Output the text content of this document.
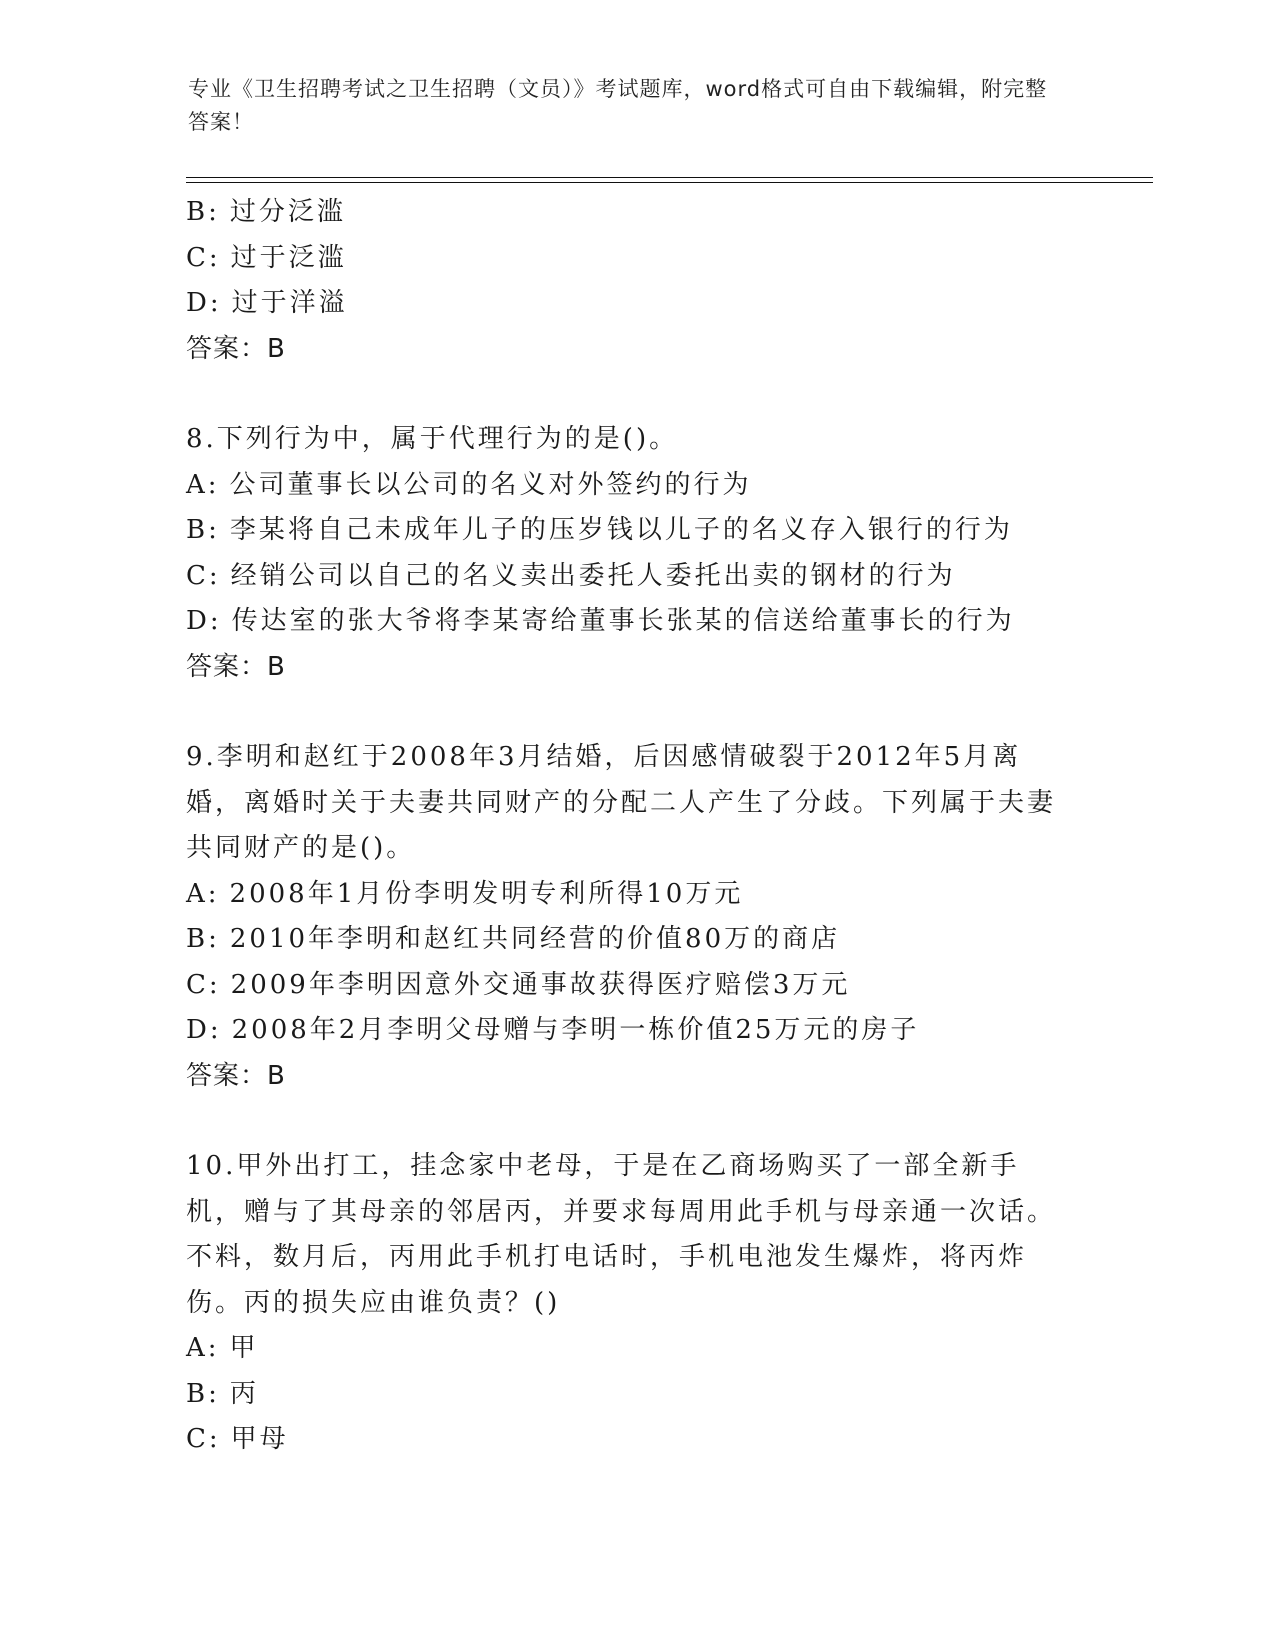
专业《卫生招聘考试之卫生招聘（文员）》考试题库，word格式可自由下载编辑，附完整答案！
B: 过分泛滥
C: 过于泛滥
D: 过于洋溢
答案：B
8.下列行为中，属于代理行为的是()。
A: 公司董事长以公司的名义对外签约的行为
B: 李某将自己未成年儿子的压岁钱以儿子的名义存入银行的行为
C: 经销公司以自己的名义卖出委托人委托出卖的钢材的行为
D: 传达室的张大爷将李某寄给董事长张某的信送给董事长的行为
答案：B
9.李明和赵红于2008年3月结婚，后因感情破裂于2012年5月离婚，离婚时关于夫妻共同财产的分配二人产生了分歧。下列属于夫妻共同财产的是()。
A: 2008年1月份李明发明专利所得10万元
B: 2010年李明和赵红共同经营的价值80万的商店
C: 2009年李明因意外交通事故获得医疗赔偿3万元
D: 2008年2月李明父母赠与李明一栋价值25万元的房子
答案：B
10.甲外出打工，挂念家中老母，于是在乙商场购买了一部全新手机，赠与了其母亲的邻居丙，并要求每周用此手机与母亲通一次话。不料，数月后，丙用此手机打电话时，手机电池发生爆炸，将丙炸伤。丙的损失应由谁负责？()
A: 甲
B: 丙
C: 甲母
